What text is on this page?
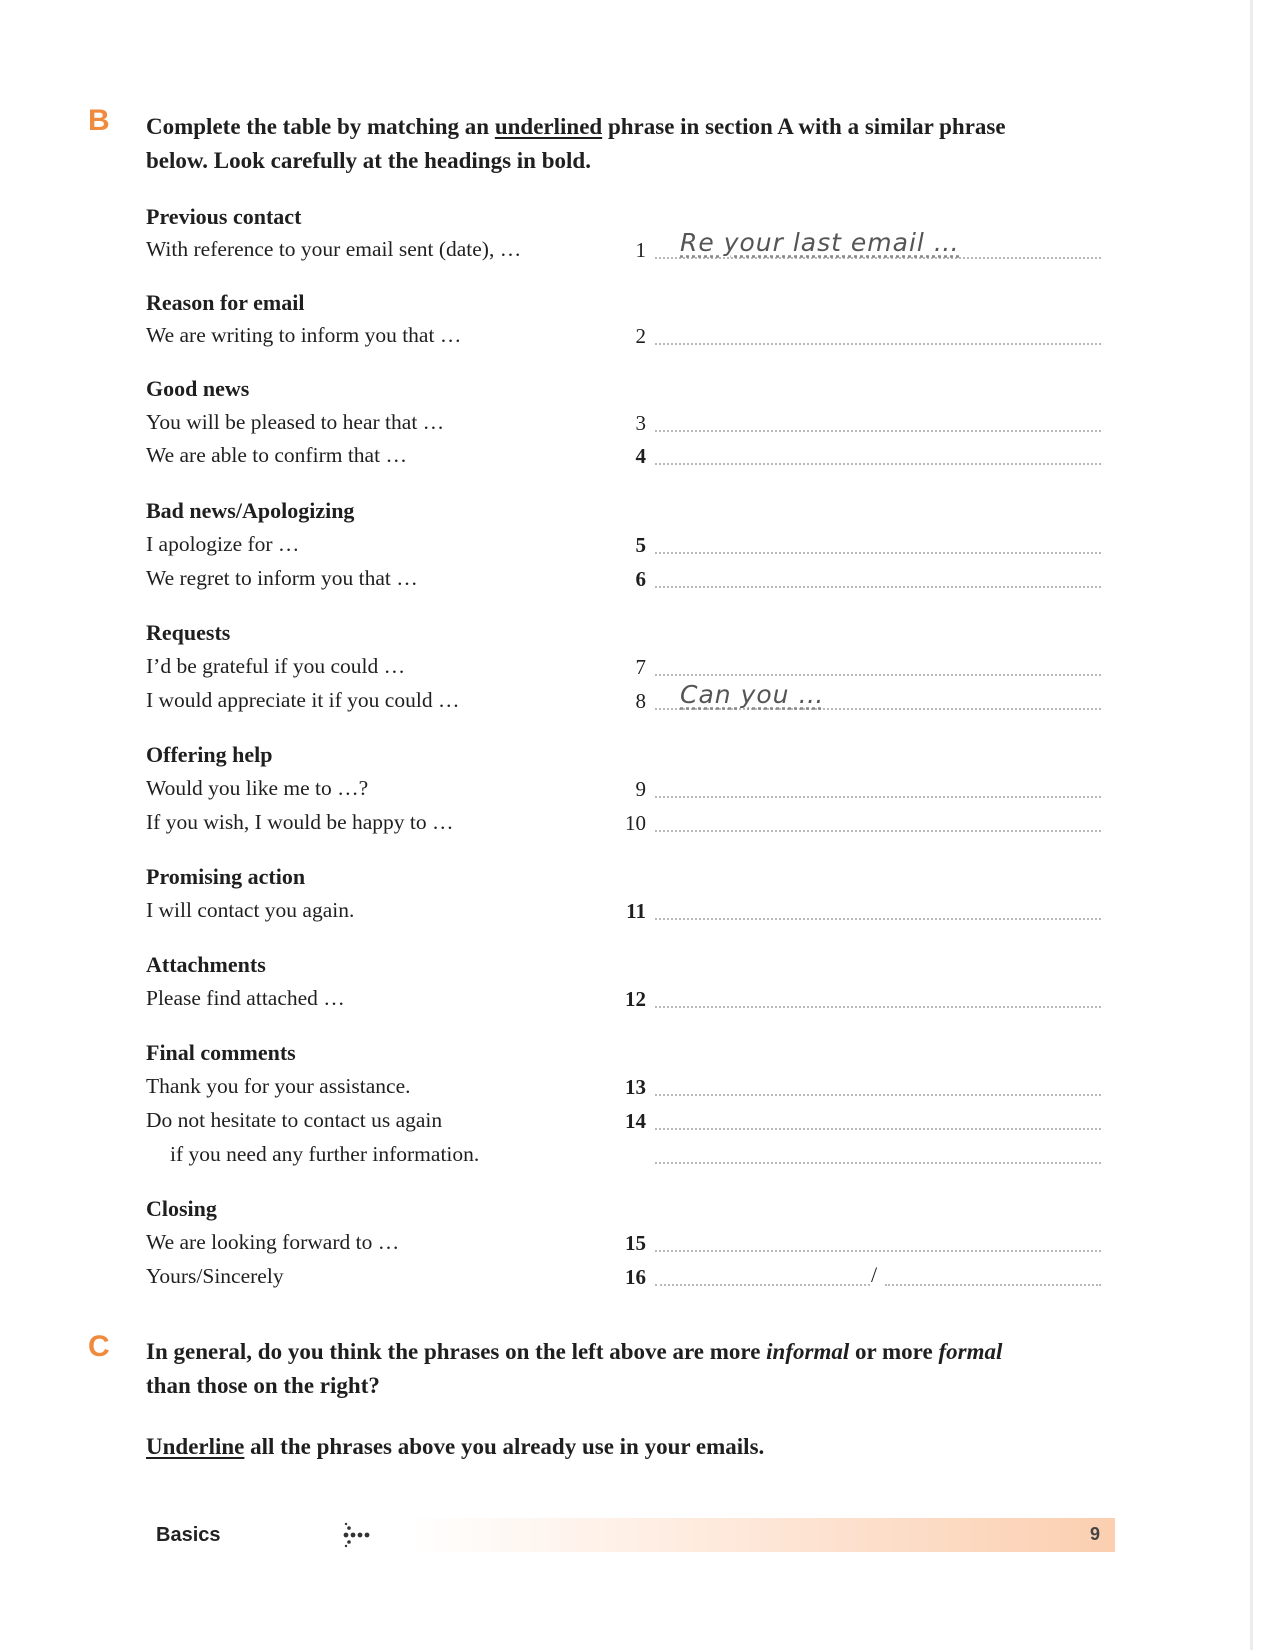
B Complete the table by matching an underlined phrase in section A with a similar phrase
below. Look carefully at the headings in bold.
Previous contact
With reference to your email sent (date), …	1 Re your last email …
Reason for email
We are writing to inform you that …	2
Good news
You will be pleased to hear that …	3
We are able to confirm that …	4
Bad news/Apologizing
I apologize for …	5
We regret to inform you that …	6
Requests
I’d be grateful if you could …	7
I would appreciate it if you could …	8 Can you …
Offering help
Would you like me to …?	9
If you wish, I would be happy to …	10
Promising action
I will contact you again.	11
Attachments
Please find attached …	12
Final comments
Thank you for your assistance.	13
Do not hesitate to contact us again	14
if you need any further information.
Closing
We are looking forward to …	15
Yours/Sincerely	16	/
C In general, do you think the phrases on the left above are more informal or more formal
than those on the right?
Underline all the phrases above you already use in your emails.
Basics	9
